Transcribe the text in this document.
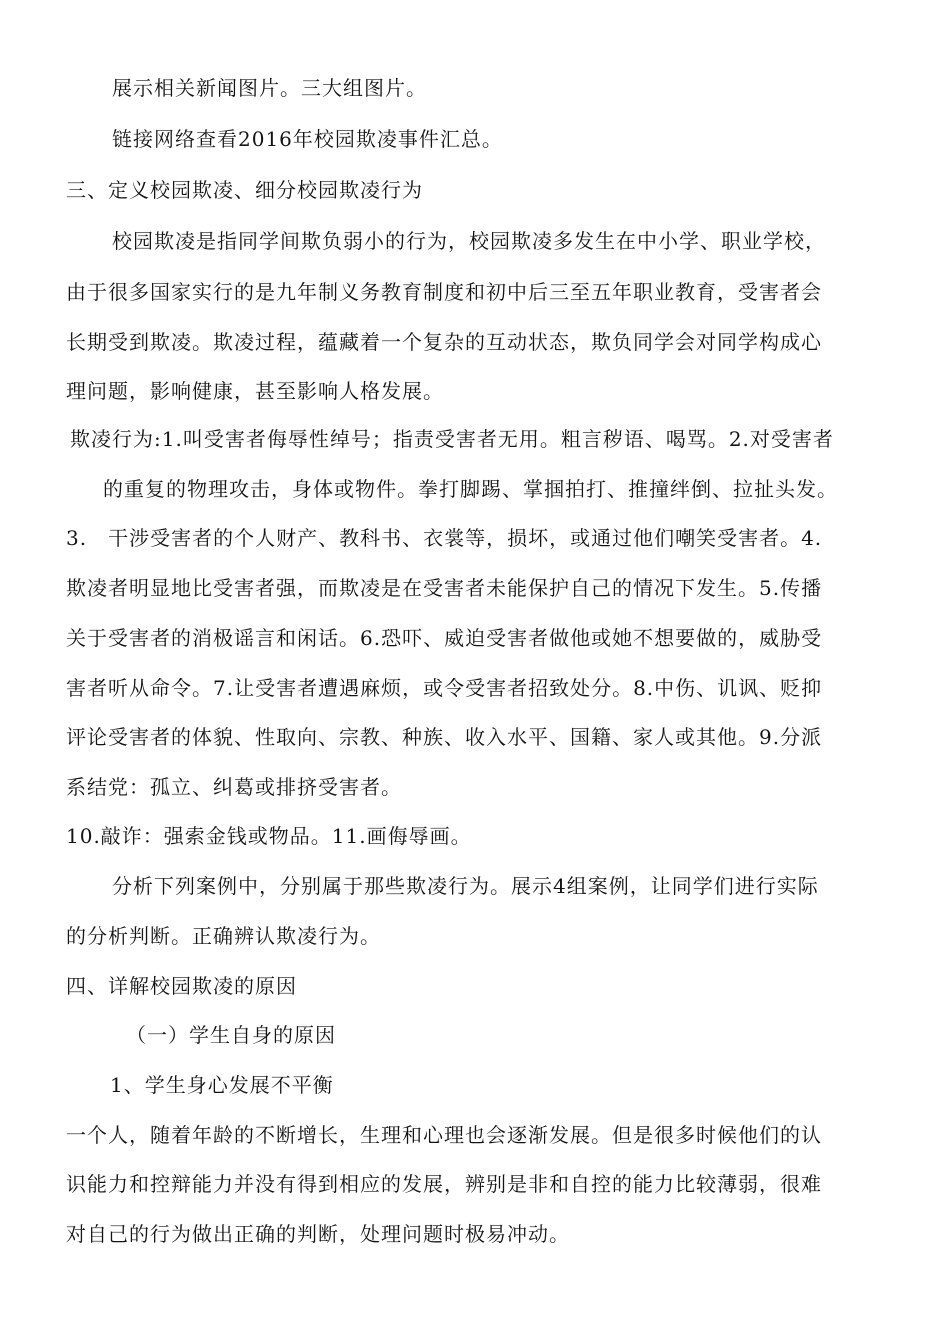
展示相关新闻图片。三大组图片。
链接网络查看2016年校园欺凌事件汇总。
三、定义校园欺凌、细分校园欺凌行为
校园欺凌是指同学间欺负弱小的行为，校园欺凌多发生在中小学、职业学校，
由于很多国家实行的是九年制义务教育制度和初中后三至五年职业教育，受害者会
长期受到欺凌。欺凌过程，蕴藏着一个复杂的互动状态，欺负同学会对同学构成心
理问题，影响健康，甚至影响人格发展。
欺凌行为:1.叫受害者侮辱性绰号；指责受害者无用。粗言秽语、喝骂。2.对受害者
的重复的物理攻击，身体或物件。拳打脚踢、掌掴拍打、推撞绊倒、拉扯头发。
3.　干涉受害者的个人财产、教科书、衣裳等，损坏，或通过他们嘲笑受害者。4.
欺凌者明显地比受害者强，而欺凌是在受害者未能保护自己的情况下发生。5.传播
关于受害者的消极谣言和闲话。6.恐吓、威迫受害者做他或她不想要做的，威胁受
害者听从命令。7.让受害者遭遇麻烦，或令受害者招致处分。8.中伤、讥讽、贬抑
评论受害者的体貌、性取向、宗教、种族、收入水平、国籍、家人或其他。9.分派
系结党：孤立、纠葛或排挤受害者。
10.敲诈：强索金钱或物品。11.画侮辱画。
分析下列案例中，分别属于那些欺凌行为。展示4组案例，让同学们进行实际
的分析判断。正确辨认欺凌行为。
四、详解校园欺凌的原因
（一）学生自身的原因
1、学生身心发展不平衡
一个人，随着年龄的不断增长，生理和心理也会逐渐发展。但是很多时候他们的认
识能力和控辩能力并没有得到相应的发展，辨别是非和自控的能力比较薄弱，很难
对自己的行为做出正确的判断，处理问题时极易冲动。
